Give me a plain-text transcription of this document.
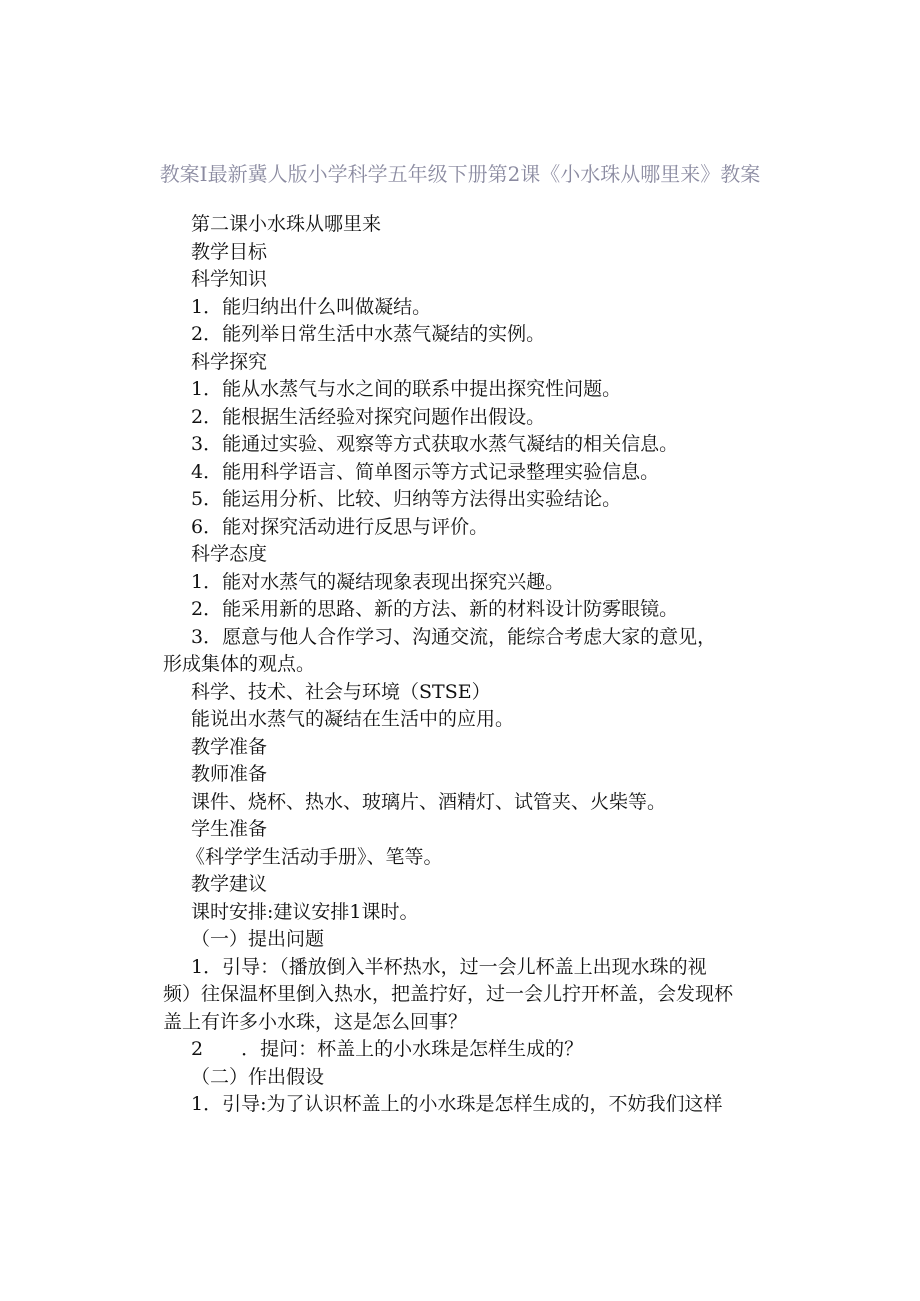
教案I最新冀人版小学科学五年级下册第2课《小水珠从哪里来》教案
第二课小水珠从哪里来
教学目标
科学知识
1．能归纳出什么叫做凝结。
2．能列举日常生活中水蒸气凝结的实例。
科学探究
1．能从水蒸气与水之间的联系中提出探究性问题。
2．能根据生活经验对探究问题作出假设。
3．能通过实验、观察等方式获取水蒸气凝结的相关信息。
4．能用科学语言、简单图示等方式记录整理实验信息。
5．能运用分析、比较、归纳等方法得出实验结论。
6．能对探究活动进行反思与评价。
科学态度
1．能对水蒸气的凝结现象表现出探究兴趣。
2．能采用新的思路、新的方法、新的材料设计防雾眼镜。
3．愿意与他人合作学习、沟通交流，能综合考虑大家的意见，
形成集体的观点。
科学、技术、社会与环境（STSE）
能说出水蒸气的凝结在生活中的应用。
教学准备
教师准备
课件、烧杯、热水、玻璃片、酒精灯、试管夹、火柴等。
学生准备
《科学学生活动手册》、笔等。
教学建议
课时安排:建议安排1课时。
（一）提出问题
1．引导：（播放倒入半杯热水，过一会儿杯盖上出现水珠的视
频）往保温杯里倒入热水，把盖拧好，过一会儿拧开杯盖，会发现杯
盖上有许多小水珠，这是怎么回事？
2　　．提问：杯盖上的小水珠是怎样生成的？
（二）作出假设
1．引导:为了认识杯盖上的小水珠是怎样生成的，不妨我们这样
